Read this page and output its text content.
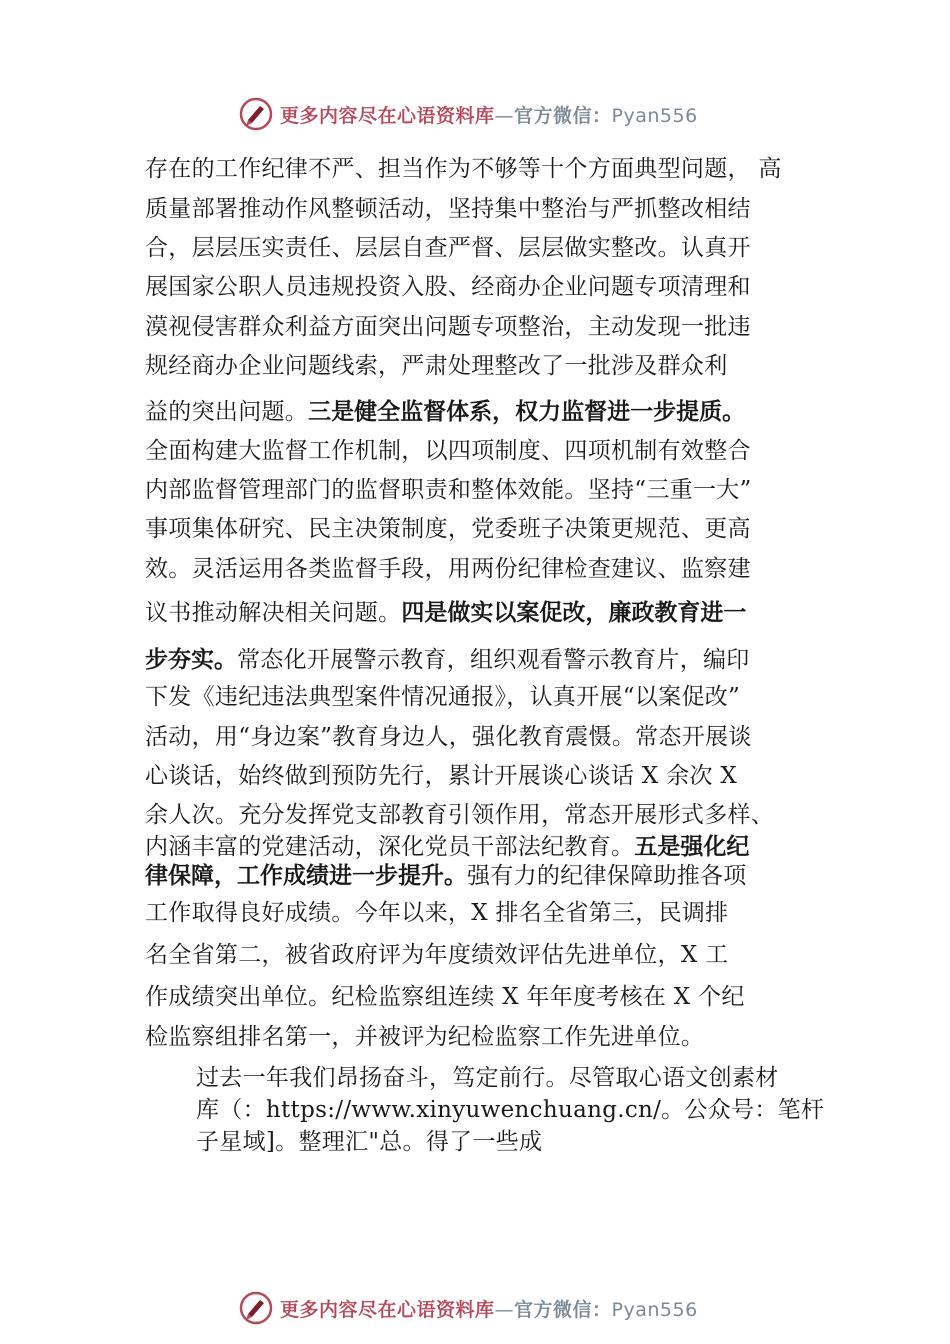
更多内容尽在心语资料库—官方微信：Pyan556
存在的工作纪律不严、担当作为不够等十个方面典型问题， 高
质量部署推动作风整顿活动，坚持集中整治与严抓整改相结
合，层层压实责任、层层自查严督、层层做实整改。认真开
展国家公职人员违规投资入股、经商办企业问题专项清理和
漠视侵害群众利益方面突出问题专项整治，主动发现一批违
规经商办企业问题线索，严肃处理整改了一批涉及群众利
益的突出问题。三是健全监督体系，权力监督进一步提质。
全面构建大监督工作机制，以四项制度、四项机制有效整合
内部监督管理部门的监督职责和整体效能。坚持“三重一大”
事项集体研究、民主决策制度，党委班子决策更规范、更高
效。灵活运用各类监督手段，用两份纪律检查建议、监察建
议书推动解决相关问题。四是做实以案促改，廉政教育进一
步夯实。常态化开展警示教育，组织观看警示教育片，编印
下发《违纪违法典型案件情况通报》，认真开展“以案促改”
活动，用“身边案”教育身边人，强化教育震慑。常态开展谈
心谈话，始终做到预防先行，累计开展谈心谈话 X 余次 X
余人次。充分发挥党支部教育引领作用，常态开展形式多样、
内涵丰富的党建活动，深化党员干部法纪教育。五是强化纪
律保障，工作成绩进一步提升。强有力的纪律保障助推各项
工作取得良好成绩。今年以来，X 排名全省第三，民调排
名全省第二，被省政府评为年度绩效评估先进单位，X 工
作成绩突出单位。纪检监察组连续 X 年年度考核在 X 个纪
检监察组排名第一，并被评为纪检监察工作先进单位。
过去一年我们昂扬奋斗，笃定前行。尽管取心语文创素材
库（：https://www.xinyuwenchuang.cn/。公众号：笔杆
子星域]。整理汇"总。得了一些成
更多内容尽在心语资料库—官方微信：Pyan556
